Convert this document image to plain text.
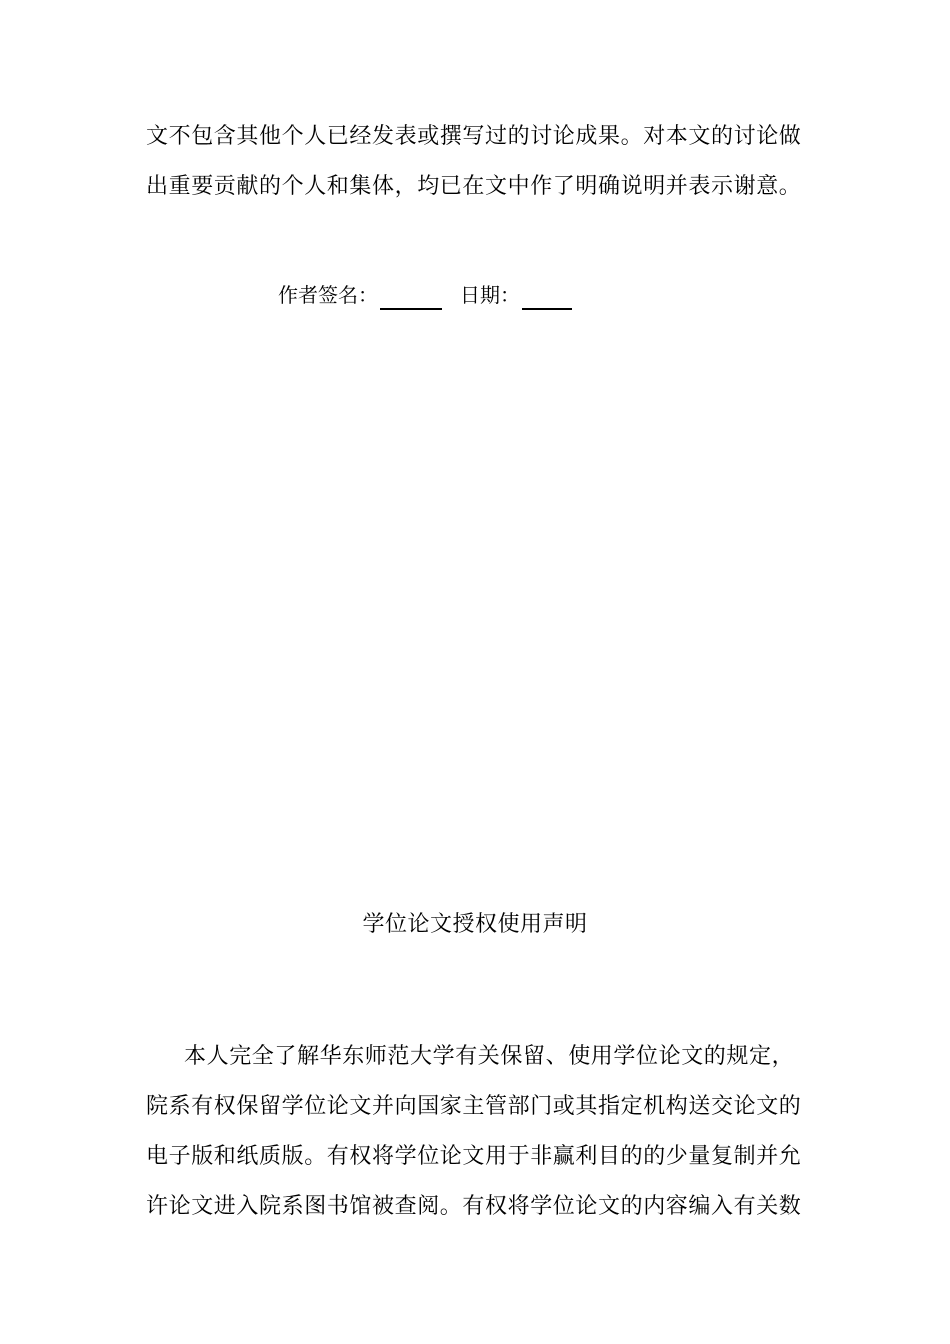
文不包含其他个人已经发表或撰写过的讨论成果。对本文的讨论做
出重要贡献的个人和集体，均已在文中作了明确说明并表示谢意。
作者签名：	日期：
学位论文授权使用声明
本人完全了解华东师范大学有关保留、使用学位论文的规定，
院系有权保留学位论文并向国家主管部门或其指定机构送交论文的
电子版和纸质版。有权将学位论文用于非赢利目的的少量复制并允
许论文进入院系图书馆被查阅。有权将学位论文的内容编入有关数
